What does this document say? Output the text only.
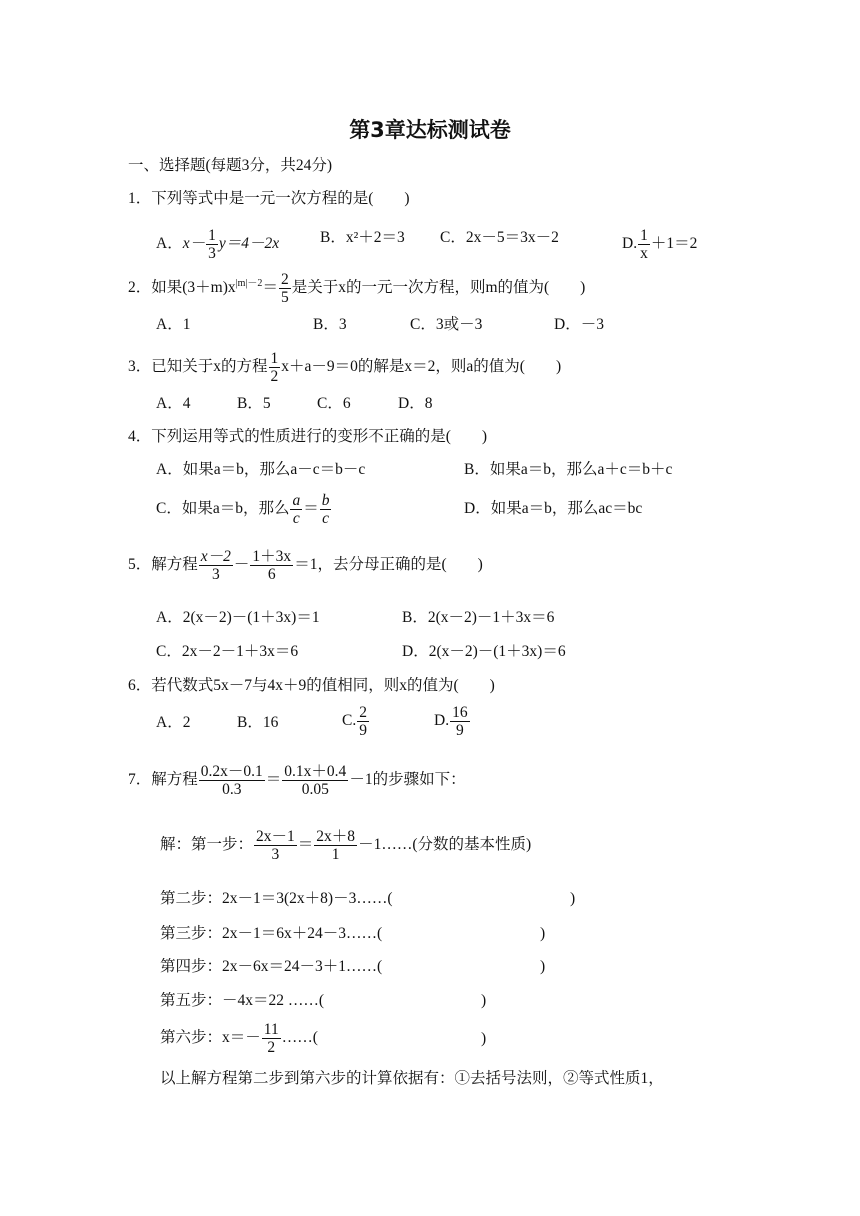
第3章达标测试卷
一、选择题(每题3分，共24分)
1．下列等式中是一元一次方程的是(　　)
A．$x- \frac{1}{3} y=4-2x$	B．x²＋2＝3 C．2x－5＝3x－2	D. $\frac{1}{x} +1=2$
2．如果$(3+m)x^{|m|-2}= \frac{2}{5}$ 是关于x的一元一次方程，则m的值为(　　)
A．1	B．3	C．3或－3	D．－3
3．已知关于x的方程 $\frac{1}{2} x+a-9=0$的解是x＝2，则a的值为(　　)
A．4	B．5	C．6	D．8
4．下列运用等式的性质进行的变形不正确的是(　　)
A．如果a＝b，那么a－c＝b－c	B．如果a＝b，那么a＋c＝b＋c
C．如果a＝b，那么 $\frac{a}{c} = \frac{b}{c}$	D．如果a＝b，那么ac＝bc
5．解方程 $\frac{x-2}{3} - \frac{1+3x}{6} =1$，去分母正确的是(　　)
A．2(x－2)－(1＋3x)＝1	B．2(x－2)－1＋3x＝6
C．2x－2－1＋3x＝6	D．2(x－2)－(1＋3x)＝6
6．若代数式5x－7与4x＋9的值相同，则x的值为(　　)
A．2	B．16	C. $\frac{2}{9}$	D. $\frac{16}{9}$
7．解方程 $\frac{0.2x-0.1}{0.3} = \frac{0.1x+0.4}{0.05} -1$的步骤如下：
解：第一步： $\frac{2x-1}{3} = \frac{2x+8}{1}$ －1……(分数的基本性质)
第二步：2x－1＝3(2x＋8)－3……(	)
第三步：2x－1＝6x＋24－3……(	)
第四步：2x－6x＝24－3＋1……(	)
第五步：－4x＝22 ……(	)
第六步：$x=- \frac{11}{2}$ ……(	)
以上解方程第二步到第六步的计算依据有：①去括号法则，②等式性质1，
